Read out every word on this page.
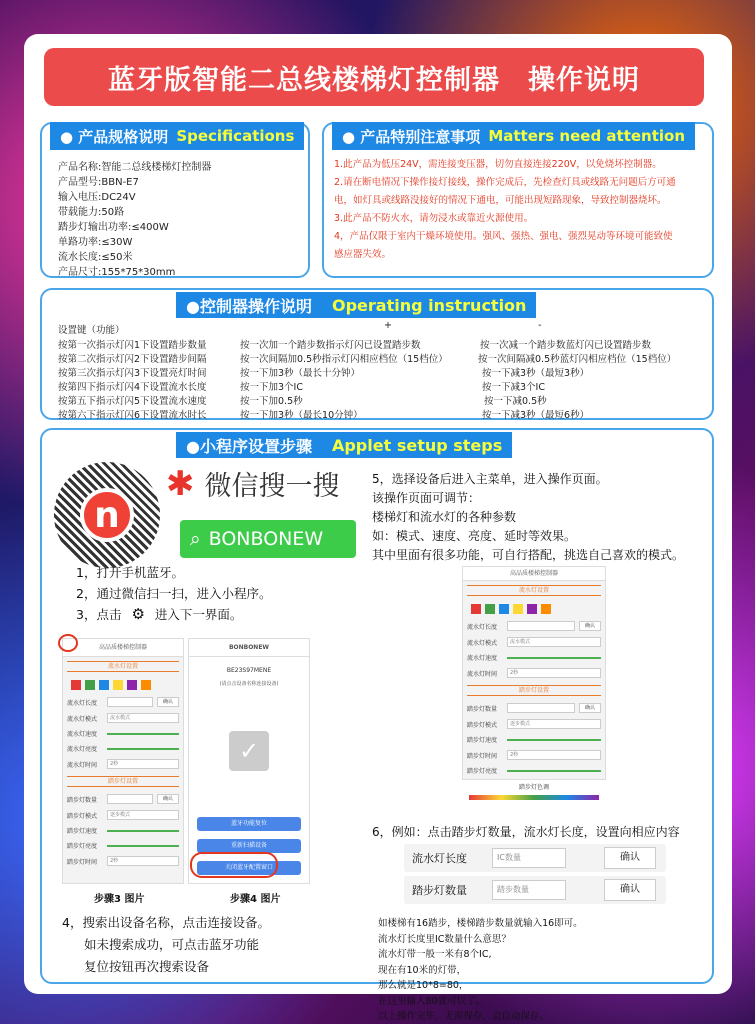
蓝牙版智能二总线楼梯灯控制器　操作说明
● 产品规格说明 Specifications
产品名称:智能二总线楼梯灯控制器
产品型号:BBN-E7
输入电压:DC24V
带载能力:50路
踏步灯输出功率:≤400W
单路功率:≤30W
流水长度:≤50米
产品尺寸:155*75*30mm
● 产品特别注意事项 Matters need attention
1.此产品为低压24V，需连接变压器，切勿直接连接220V，以免烧坏控制器。
2.请在断电情况下操作接灯接线，操作完成后，先检查灯具或线路无问题后方可通
电，如灯具或线路没接好的情况下通电，可能出现短路现象，导致控制器烧坏。
3.此产品不防火水，请勿浸水或靠近火源使用。
4，产品仅限于室内干燥环境使用。强风、强热、强电、强烈晃动等环境可能致使
感应器失效。
●控制器操作说明 Operating instruction
设置键（功能）	+	-
按第一次指示灯闪1下设置踏步数量	按一次加一个踏步数指示灯闪已设置踏步数	按一次减一个踏步数蓝灯闪已设置踏步数
按第二次指示灯闪2下设置踏步间隔	按一次间隔加0.5秒指示灯闪相应档位（15档位）	按一次间隔减0.5秒蓝灯闪相应档位（15档位）
按第三次指示灯闪3下设置亮灯时间	按一下加3秒（最长十分钟）	按一下减3秒（最短3秒）
按第四下指示灯闪4下设置流水长度	按一下加3个IC	按一下减3个IC
按第五下指示灯闪5下设置流水速度	按一下加0.5秒	按一下减0.5秒
按第六下指示灯闪6下设置流水时长	按一下加3秒（最长10分钟）	按一下减3秒（最短6秒）
●小程序设置步骤 Applet setup steps
n
✱ 微信搜一搜
⌕ BONBONEW
1，打开手机蓝牙。
2，通过微信扫一扫，进入小程序。
3，点击 ⚙ 进入下一界面。
高品质楼梯控制器
流水灯设置
流水灯长度	确认
流水灯模式	流水模式
流水灯速度
流水灯亮度
流水灯时间	2秒
踏步灯设置
踏步灯数量	确认
踏步灯模式	逐步模式
踏步灯速度
踏步灯亮度
踏步灯时间	2秒
BONBONEW
BE23S97MENE
(请点击设备名称连接设备)
✓
蓝牙功能复位
重新扫描设备
关闭蓝牙配置窗口
步骤3 图片	步骤4 图片
4，搜索出设备名称，点击连接设备。
如未搜索成功，可点击蓝牙功能
复位按钮再次搜索设备
5，选择设备后进入主菜单，进入操作页面。
该操作页面可调节：
楼梯灯和流水灯的各种参数
如：模式、速度、亮度、延时等效果。
其中里面有很多功能，可自行搭配，挑选自己喜欢的模式。
高品质楼梯控制器
流水灯设置
流水灯长度	确认
流水灯模式	流水模式
流水灯速度
流水灯时间	2秒
踏步灯设置
踏步灯数量	确认
踏步灯模式	逐步模式
踏步灯速度
踏步灯时间	2秒
踏步灯亮度
踏步灯色调
6，例如：点击踏步灯数量，流水灯长度，设置向相应内容
流水灯长度	IC数量	确认
踏步灯数量	踏步数量	确认
如楼梯有16踏步，楼梯踏步数量就输入16即可。
流水灯长度里IC数量什么意思？
流水灯带一般一米有8个IC,
现在有10米的灯带，
那么就是10*8=80，
在这里输入80就可以了。
以上操作完毕，无需保存，会自动保存。
